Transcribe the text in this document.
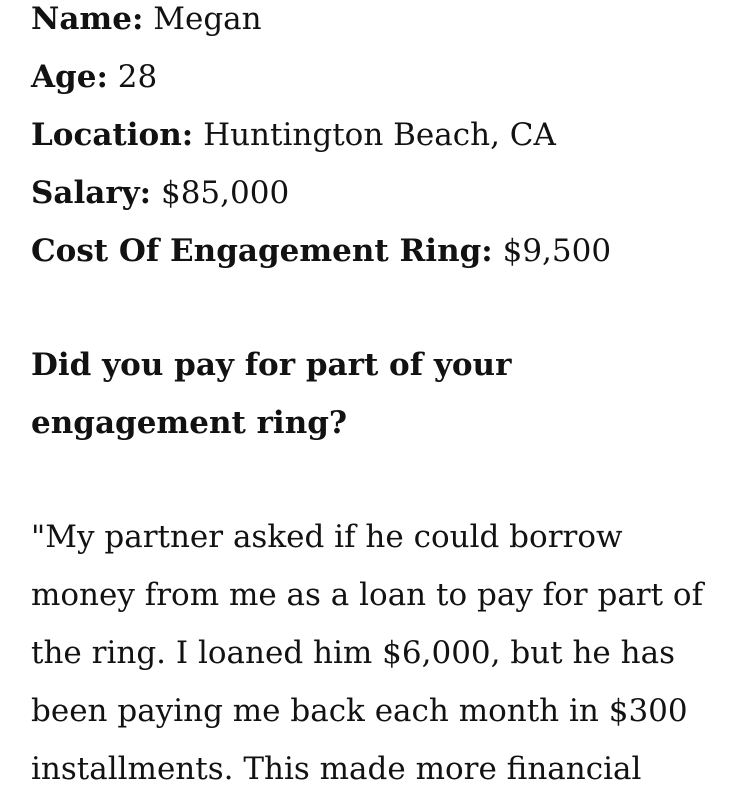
Name: Megan
Age: 28
Location: Huntington Beach, CA
Salary: $85,000
Cost Of Engagement Ring: $9,500
Did you pay for part of your engagement ring?

"My partner asked if he could borrow money from me as a loan to pay for part of the ring. I loaned him $6,000, but he has been paying me back each month in $300 installments. This made more financial
